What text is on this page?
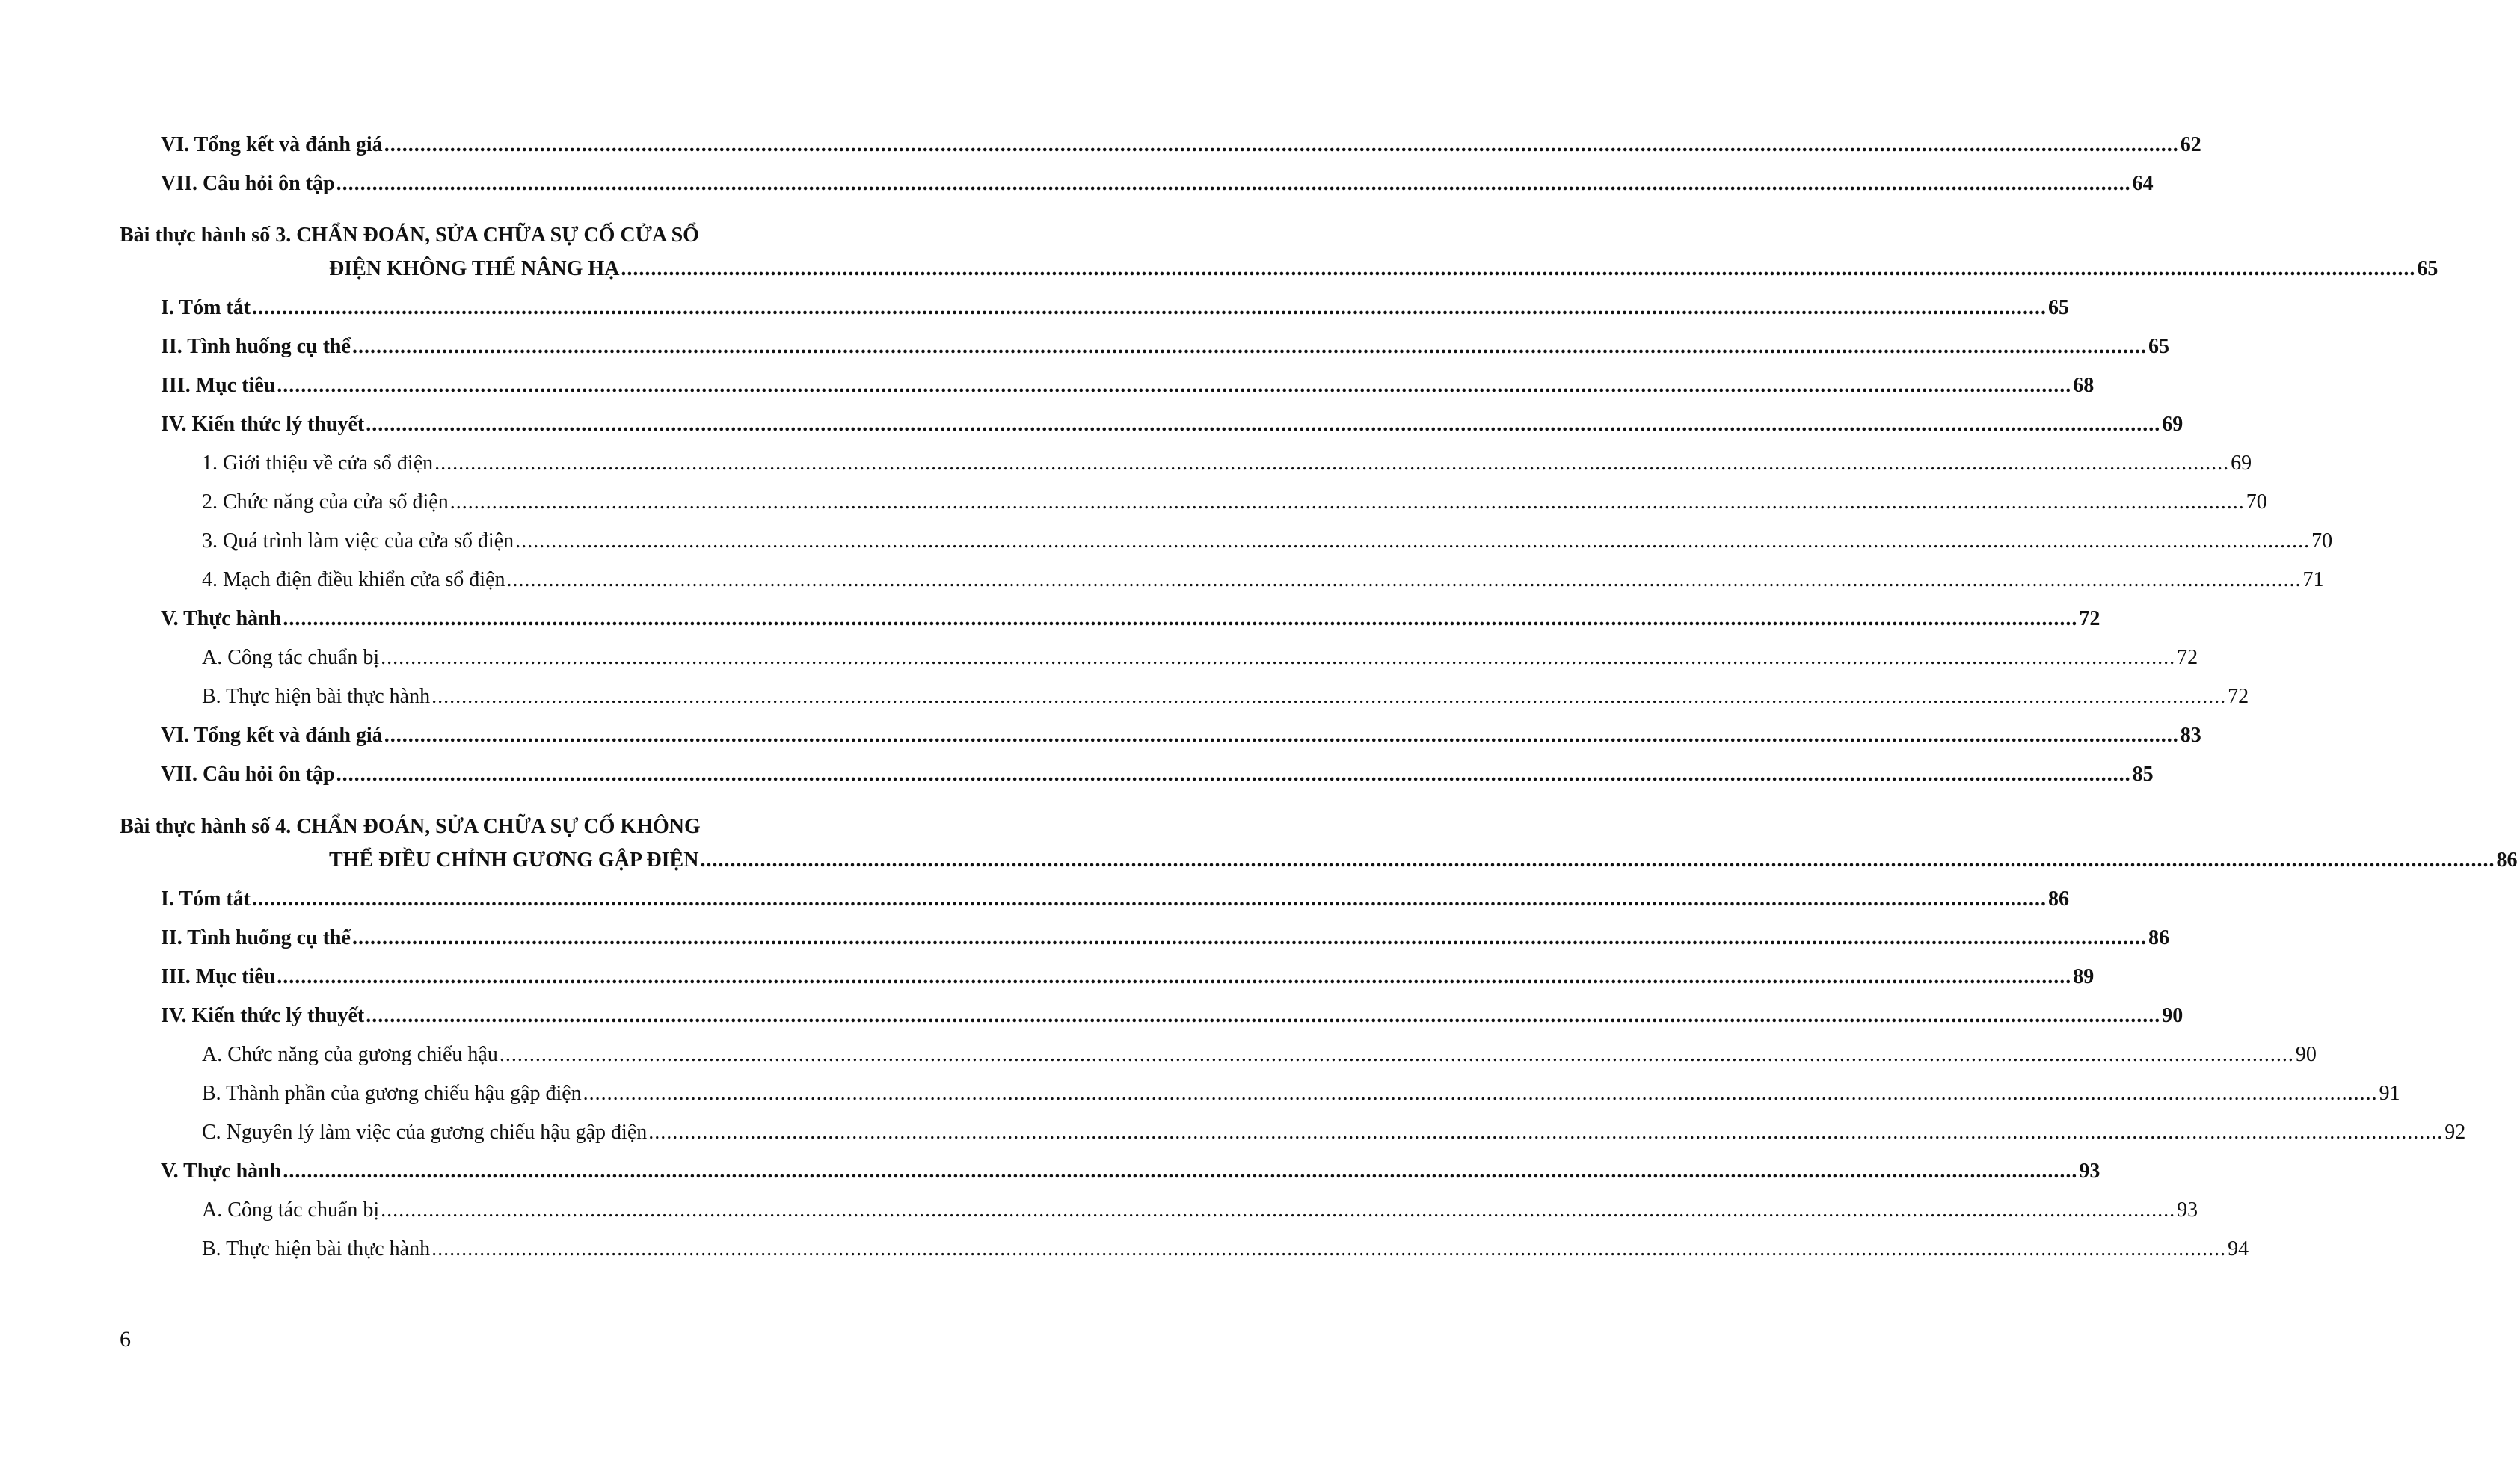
VI. Tổng kết và đánh giá ............................................................................................................................................................................................................................................................................................................ 62
VII. Câu hỏi ôn tập ............................................................................................................................................................................................................................................................................................................ 64
Bài thực hành số 3. CHẨN ĐOÁN, SỬA CHỮA SỰ CỐ CỬA SỔ
ĐIỆN KHÔNG THỂ NÂNG HẠ ............................................................................................................................................................................................................................................................................................................ 65
I. Tóm tắt ............................................................................................................................................................................................................................................................................................................ 65
II. Tình huống cụ thể ............................................................................................................................................................................................................................................................................................................ 65
III. Mục tiêu ............................................................................................................................................................................................................................................................................................................ 68
IV. Kiến thức lý thuyết ............................................................................................................................................................................................................................................................................................................ 69
1. Giới thiệu về cửa sổ điện ............................................................................................................................................................................................................................................................................................................ 69
2. Chức năng của cửa sổ điện ............................................................................................................................................................................................................................................................................................................ 70
3. Quá trình làm việc của cửa sổ điện ............................................................................................................................................................................................................................................................................................................ 70
4. Mạch điện điều khiển cửa sổ điện ............................................................................................................................................................................................................................................................................................................ 71
V. Thực hành ............................................................................................................................................................................................................................................................................................................ 72
A. Công tác chuẩn bị ............................................................................................................................................................................................................................................................................................................ 72
B. Thực hiện bài thực hành ............................................................................................................................................................................................................................................................................................................ 72
VI. Tổng kết và đánh giá ............................................................................................................................................................................................................................................................................................................ 83
VII. Câu hỏi ôn tập ............................................................................................................................................................................................................................................................................................................ 85
Bài thực hành số 4. CHẨN ĐOÁN, SỬA CHỮA SỰ CỐ KHÔNG
THỂ ĐIỀU CHỈNH GƯƠNG GẬP ĐIỆN ............................................................................................................................................................................................................................................................................................................ 86
I. Tóm tắt ............................................................................................................................................................................................................................................................................................................ 86
II. Tình huống cụ thể ............................................................................................................................................................................................................................................................................................................ 86
III. Mục tiêu ............................................................................................................................................................................................................................................................................................................ 89
IV. Kiến thức lý thuyết ............................................................................................................................................................................................................................................................................................................ 90
A. Chức năng của gương chiếu hậu ............................................................................................................................................................................................................................................................................................................ 90
B. Thành phần của gương chiếu hậu gập điện ............................................................................................................................................................................................................................................................................................................ 91
C. Nguyên lý làm việc của gương chiếu hậu gập điện ............................................................................................................................................................................................................................................................................................................ 92
V. Thực hành ............................................................................................................................................................................................................................................................................................................ 93
A. Công tác chuẩn bị ............................................................................................................................................................................................................................................................................................................ 93
B. Thực hiện bài thực hành ............................................................................................................................................................................................................................................................................................................ 94
6
